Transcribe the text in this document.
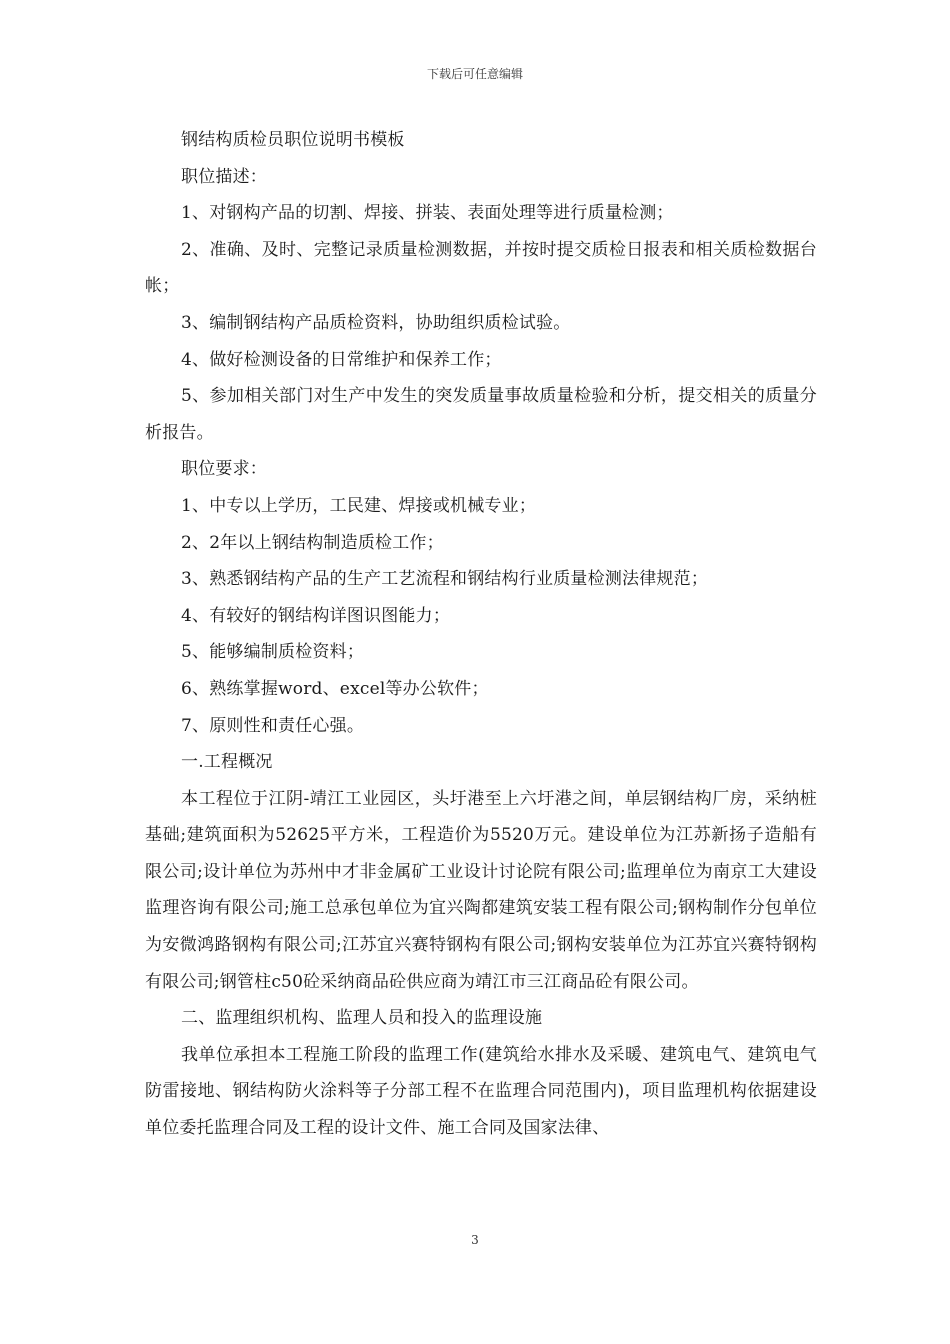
下载后可任意编辑

钢结构质检员职位说明书模板

职位描述：

1、对钢构产品的切割、焊接、拼装、表面处理等进行质量检测；

2、准确、及时、完整记录质量检测数据，并按时提交质检日报表和相关质检数据台帐；

3、编制钢结构产品质检资料，协助组织质检试验。

4、做好检测设备的日常维护和保养工作；

5、参加相关部门对生产中发生的突发质量事故质量检验和分析，提交相关的质量分析报告。

职位要求：

1、中专以上学历，工民建、焊接或机械专业；

2、2年以上钢结构制造质检工作；

3、熟悉钢结构产品的生产工艺流程和钢结构行业质量检测法律规范；

4、有较好的钢结构详图识图能力；

5、能够编制质检资料；

6、熟练掌握word、excel等办公软件；

7、原则性和责任心强。

一.工程概况

本工程位于江阴-靖江工业园区，头圩港至上六圩港之间，单层钢结构厂房，采纳桩基础;建筑面积为52625平方米，工程造价为5520万元。建设单位为江苏新扬子造船有限公司;设计单位为苏州中才非金属矿工业设计讨论院有限公司;监理单位为南京工大建设监理咨询有限公司;施工总承包单位为宜兴陶都建筑安装工程有限公司;钢构制作分包单位为安微鸿路钢构有限公司;江苏宜兴赛特钢构有限公司;钢构安装单位为江苏宜兴赛特钢构有限公司;钢管柱c50砼采纳商品砼供应商为靖江市三江商品砼有限公司。

二、监理组织机构、监理人员和投入的监理设施

我单位承担本工程施工阶段的监理工作(建筑给水排水及采暖、建筑电气、建筑电气防雷接地、钢结构防火涂料等子分部工程不在监理合同范围内)，项目监理机构依据建设单位委托监理合同及工程的设计文件、施工合同及国家法律、

3
